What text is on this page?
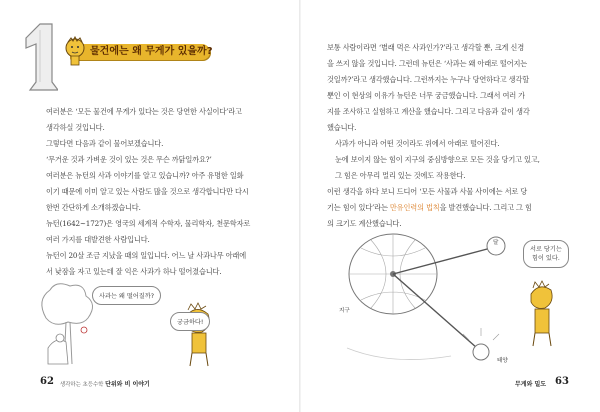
물건에는 왜 무게가 있을까?
여러분은 ‘모든 물건에 무게가 있다는 것은 당연한 사실이다’라고
생각하실 것입니다.
그렇다면 다음과 같이 물어보겠습니다.
‘무거운 것과 가벼운 것이 있는 것은 무슨 까닭일까요?’
여러분은 뉴턴의 사과 이야기를 알고 있습니까? 아주 유명한 일화
이기 때문에 이미 알고 있는 사람도 많을 것으로 생각합니다만 다시
한번 간단하게 소개하겠습니다.
뉴턴(1642~1727)은 영국의 세계적 수학자, 물리학자, 천문학자로
여러 가지를 대발견한 사람입니다.
뉴턴이 20살 조금 지났을 때의 일입니다. 어느 날 사과나무 아래에
서 낮잠을 자고 있는데 잘 익은 사과가 하나 떨어졌습니다.
사과는 왜 떨어질까?
궁금하다!
62 생각하는 초등수학 단위와 비 이야기
보통 사람이라면 ‘별래 먹은 사과인가?’라고 생각할 뿐, 크게 신경
을 쓰지 않을 것입니다. 그런데 뉴턴은 ‘사과는 왜 아래로 떨어지는
것일까?’라고 생각했습니다. 그런까지는 누구나 당연하다고 생각할
뿐인 이 현상의 이유가 뉴턴은 너무 궁금했습니다. 그래서 여러 가
지를 조사하고 실험하고 계산을 했습니다. 그리고 다음과 같이 생각
했습니다.
사과가 아니라 어떤 것이라도 위에서 아래로 떨어진다.
눈에 보이지 않는 힘이 지구의 중심방향으로 모든 것을 당기고 있고,
그 힘은 아무리 멀리 있는 것에도 작용한다.
이런 생각을 하다 보니 드디어 ‘모든 사물과 사물 사이에는 서로 당
기는 힘이 있다’라는 만유인력의 법칙을 발견했습니다. 그리고 그 힘
의 크기도 계산했습니다.
달
지구
태양
서로 당기는
힘이 있다.
무게와 밀도 63
